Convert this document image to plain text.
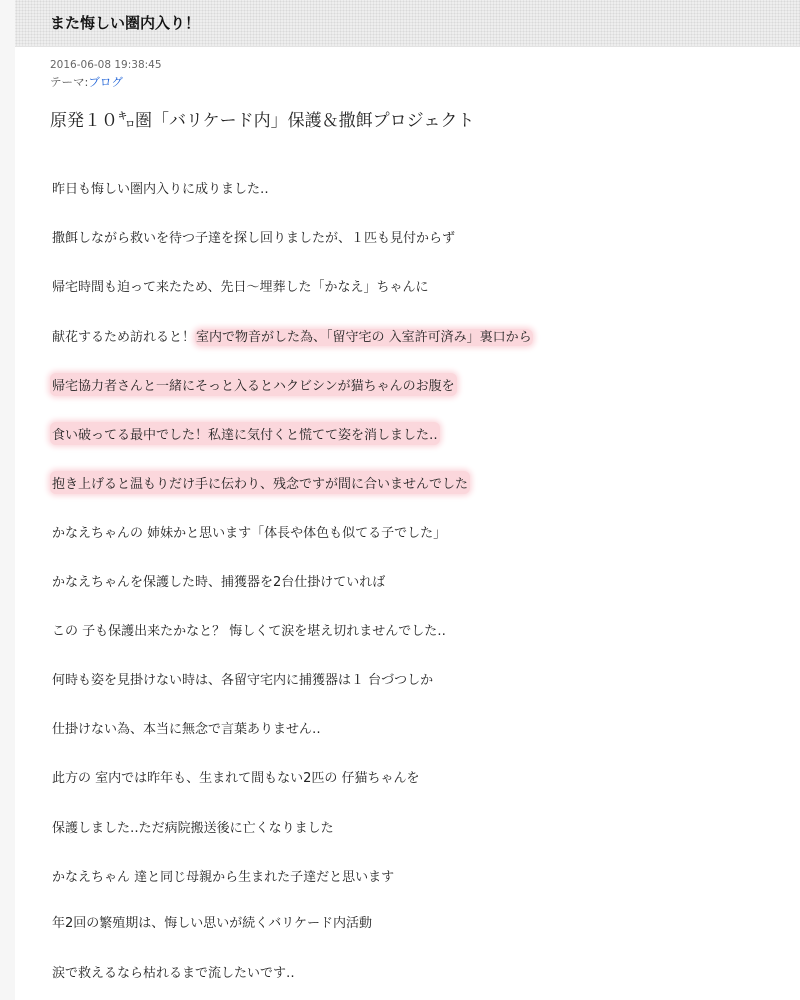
また悔しい圏内入り！
2016-06-08 19:38:45
テーマ:ブログ
原発１０㌔圏「バリケード内」保護＆撒餌プロジェクト
昨日も悔しい圏内入りに成りました‥
撒餌しながら救いを待つ子達を探し回りましたが、１匹も見付からず
帰宅時間も迫って来たため、先日～埋葬した「かなえ」ちゃんに
献花するため訪れると！室内で物音がした為、「留守宅の 入室許可済み」裏口から
帰宅協力者さんと一緒にそっと入るとハクビシンが猫ちゃんのお腹を
食い破ってる最中でした！私達に気付くと慌てて姿を消しました‥
抱き上げると温もりだけ手に伝わり、残念ですが間に合いませんでした
かなえちゃんの 姉妹かと思います「体長や体色も似てる子でした」
かなえちゃんを保護した時、捕獲器を2台仕掛けていれば
この 子も保護出来たかなと？ 悔しくて涙を堪え切れませんでした‥
何時も姿を見掛けない時は、各留守宅内に捕獲器は１ 台づつしか
仕掛けない為、本当に無念で言葉ありません‥
此方の 室内では昨年も、生まれて間もない2匹の 仔猫ちゃんを
保護しました‥ただ病院搬送後に亡くなりました
かなえちゃん 達と同じ母親から生まれた子達だと思います
年2回の繁殖期は、悔しい思いが続くバリケード内活動
涙で救えるなら枯れるまで流したいです‥
